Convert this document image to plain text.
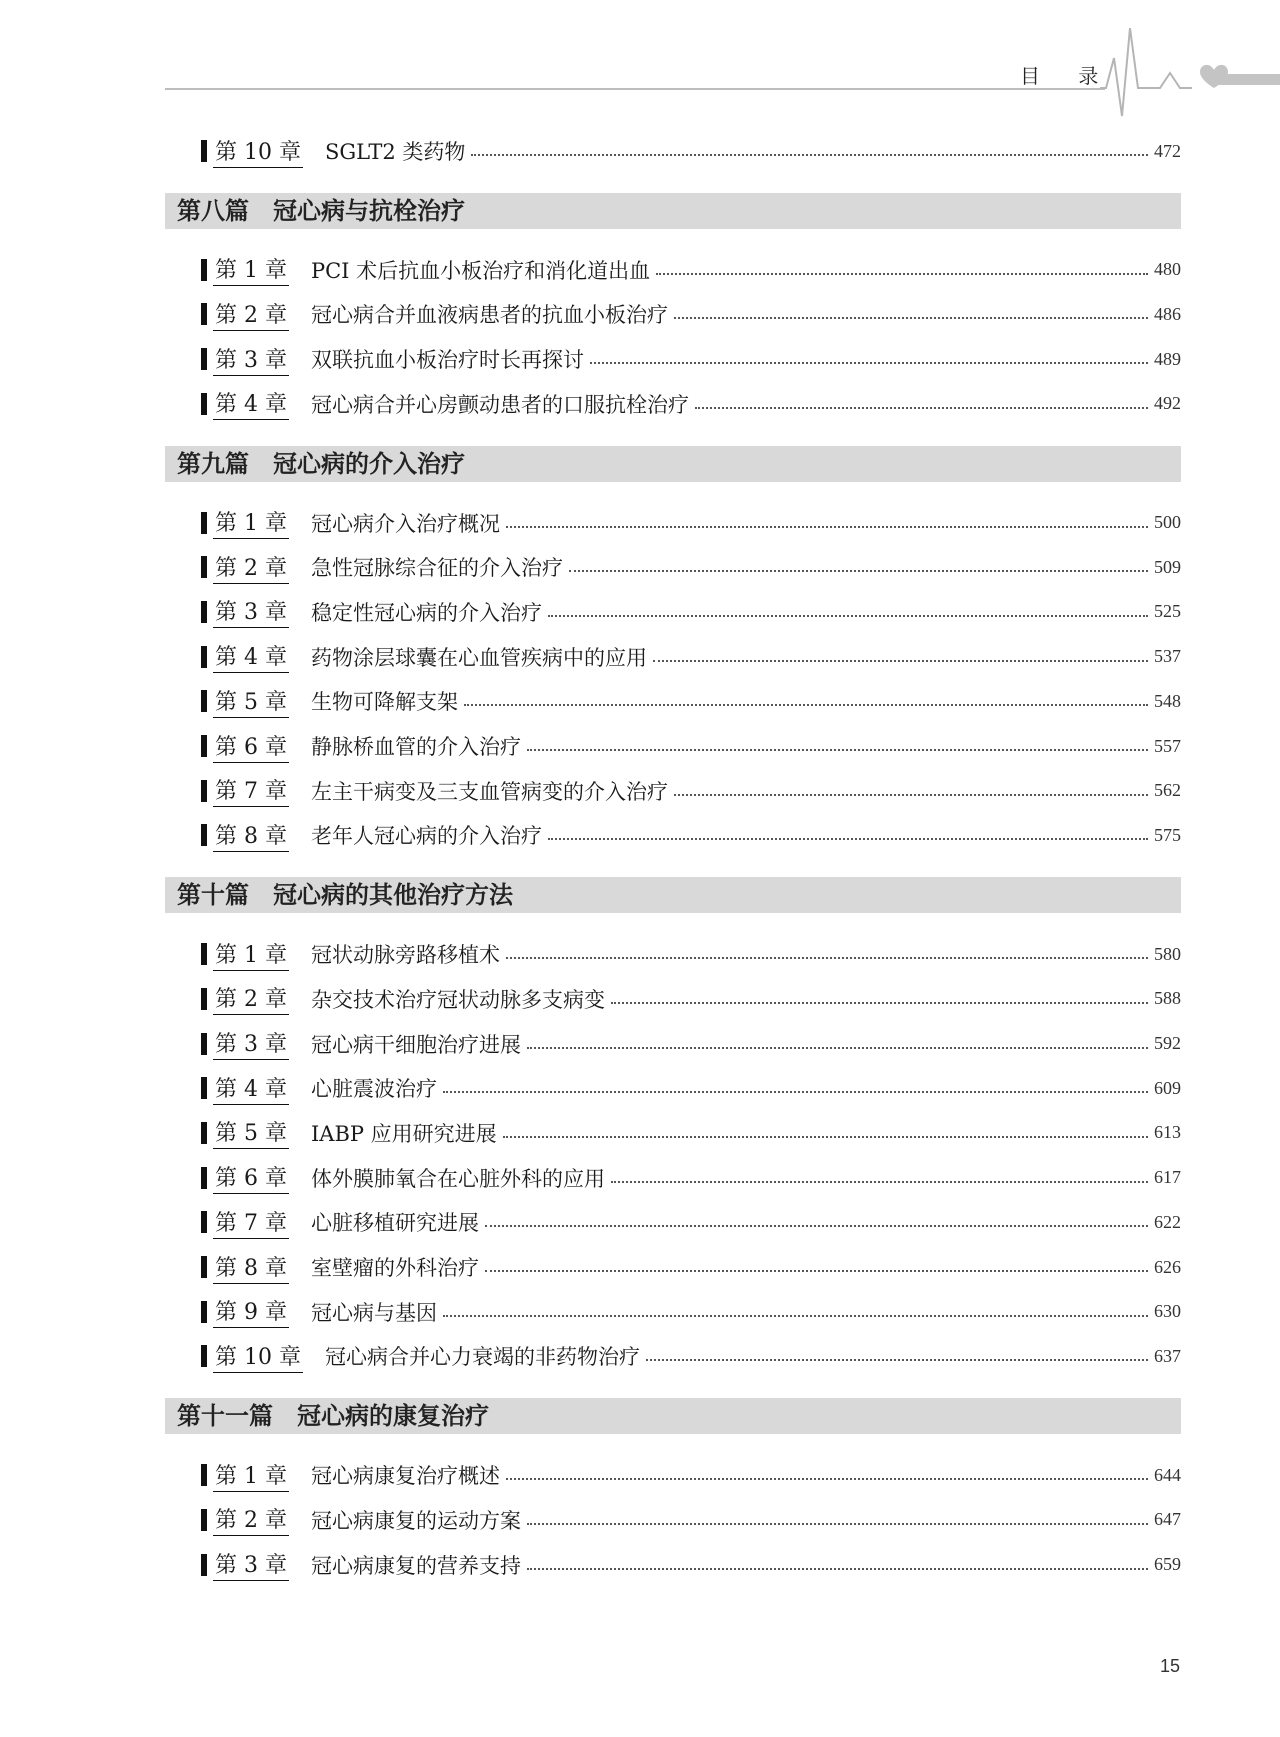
目 录
第 10 章 SGLT2 类药物	472
第八篇 冠心病与抗栓治疗
第 1 章 PCI 术后抗血小板治疗和消化道出血	480
第 2 章 冠心病合并血液病患者的抗血小板治疗	486
第 3 章 双联抗血小板治疗时长再探讨	489
第 4 章 冠心病合并心房颤动患者的口服抗栓治疗	492
第九篇 冠心病的介入治疗
第 1 章 冠心病介入治疗概况	500
第 2 章 急性冠脉综合征的介入治疗	509
第 3 章 稳定性冠心病的介入治疗	525
第 4 章 药物涂层球囊在心血管疾病中的应用	537
第 5 章 生物可降解支架	548
第 6 章 静脉桥血管的介入治疗	557
第 7 章 左主干病变及三支血管病变的介入治疗	562
第 8 章 老年人冠心病的介入治疗	575
第十篇 冠心病的其他治疗方法
第 1 章 冠状动脉旁路移植术	580
第 2 章 杂交技术治疗冠状动脉多支病变	588
第 3 章 冠心病干细胞治疗进展	592
第 4 章 心脏震波治疗	609
第 5 章 IABP 应用研究进展	613
第 6 章 体外膜肺氧合在心脏外科的应用	617
第 7 章 心脏移植研究进展	622
第 8 章 室壁瘤的外科治疗	626
第 9 章 冠心病与基因	630
第 10 章 冠心病合并心力衰竭的非药物治疗	637
第十一篇 冠心病的康复治疗
第 1 章 冠心病康复治疗概述	644
第 2 章 冠心病康复的运动方案	647
第 3 章 冠心病康复的营养支持	659
15
